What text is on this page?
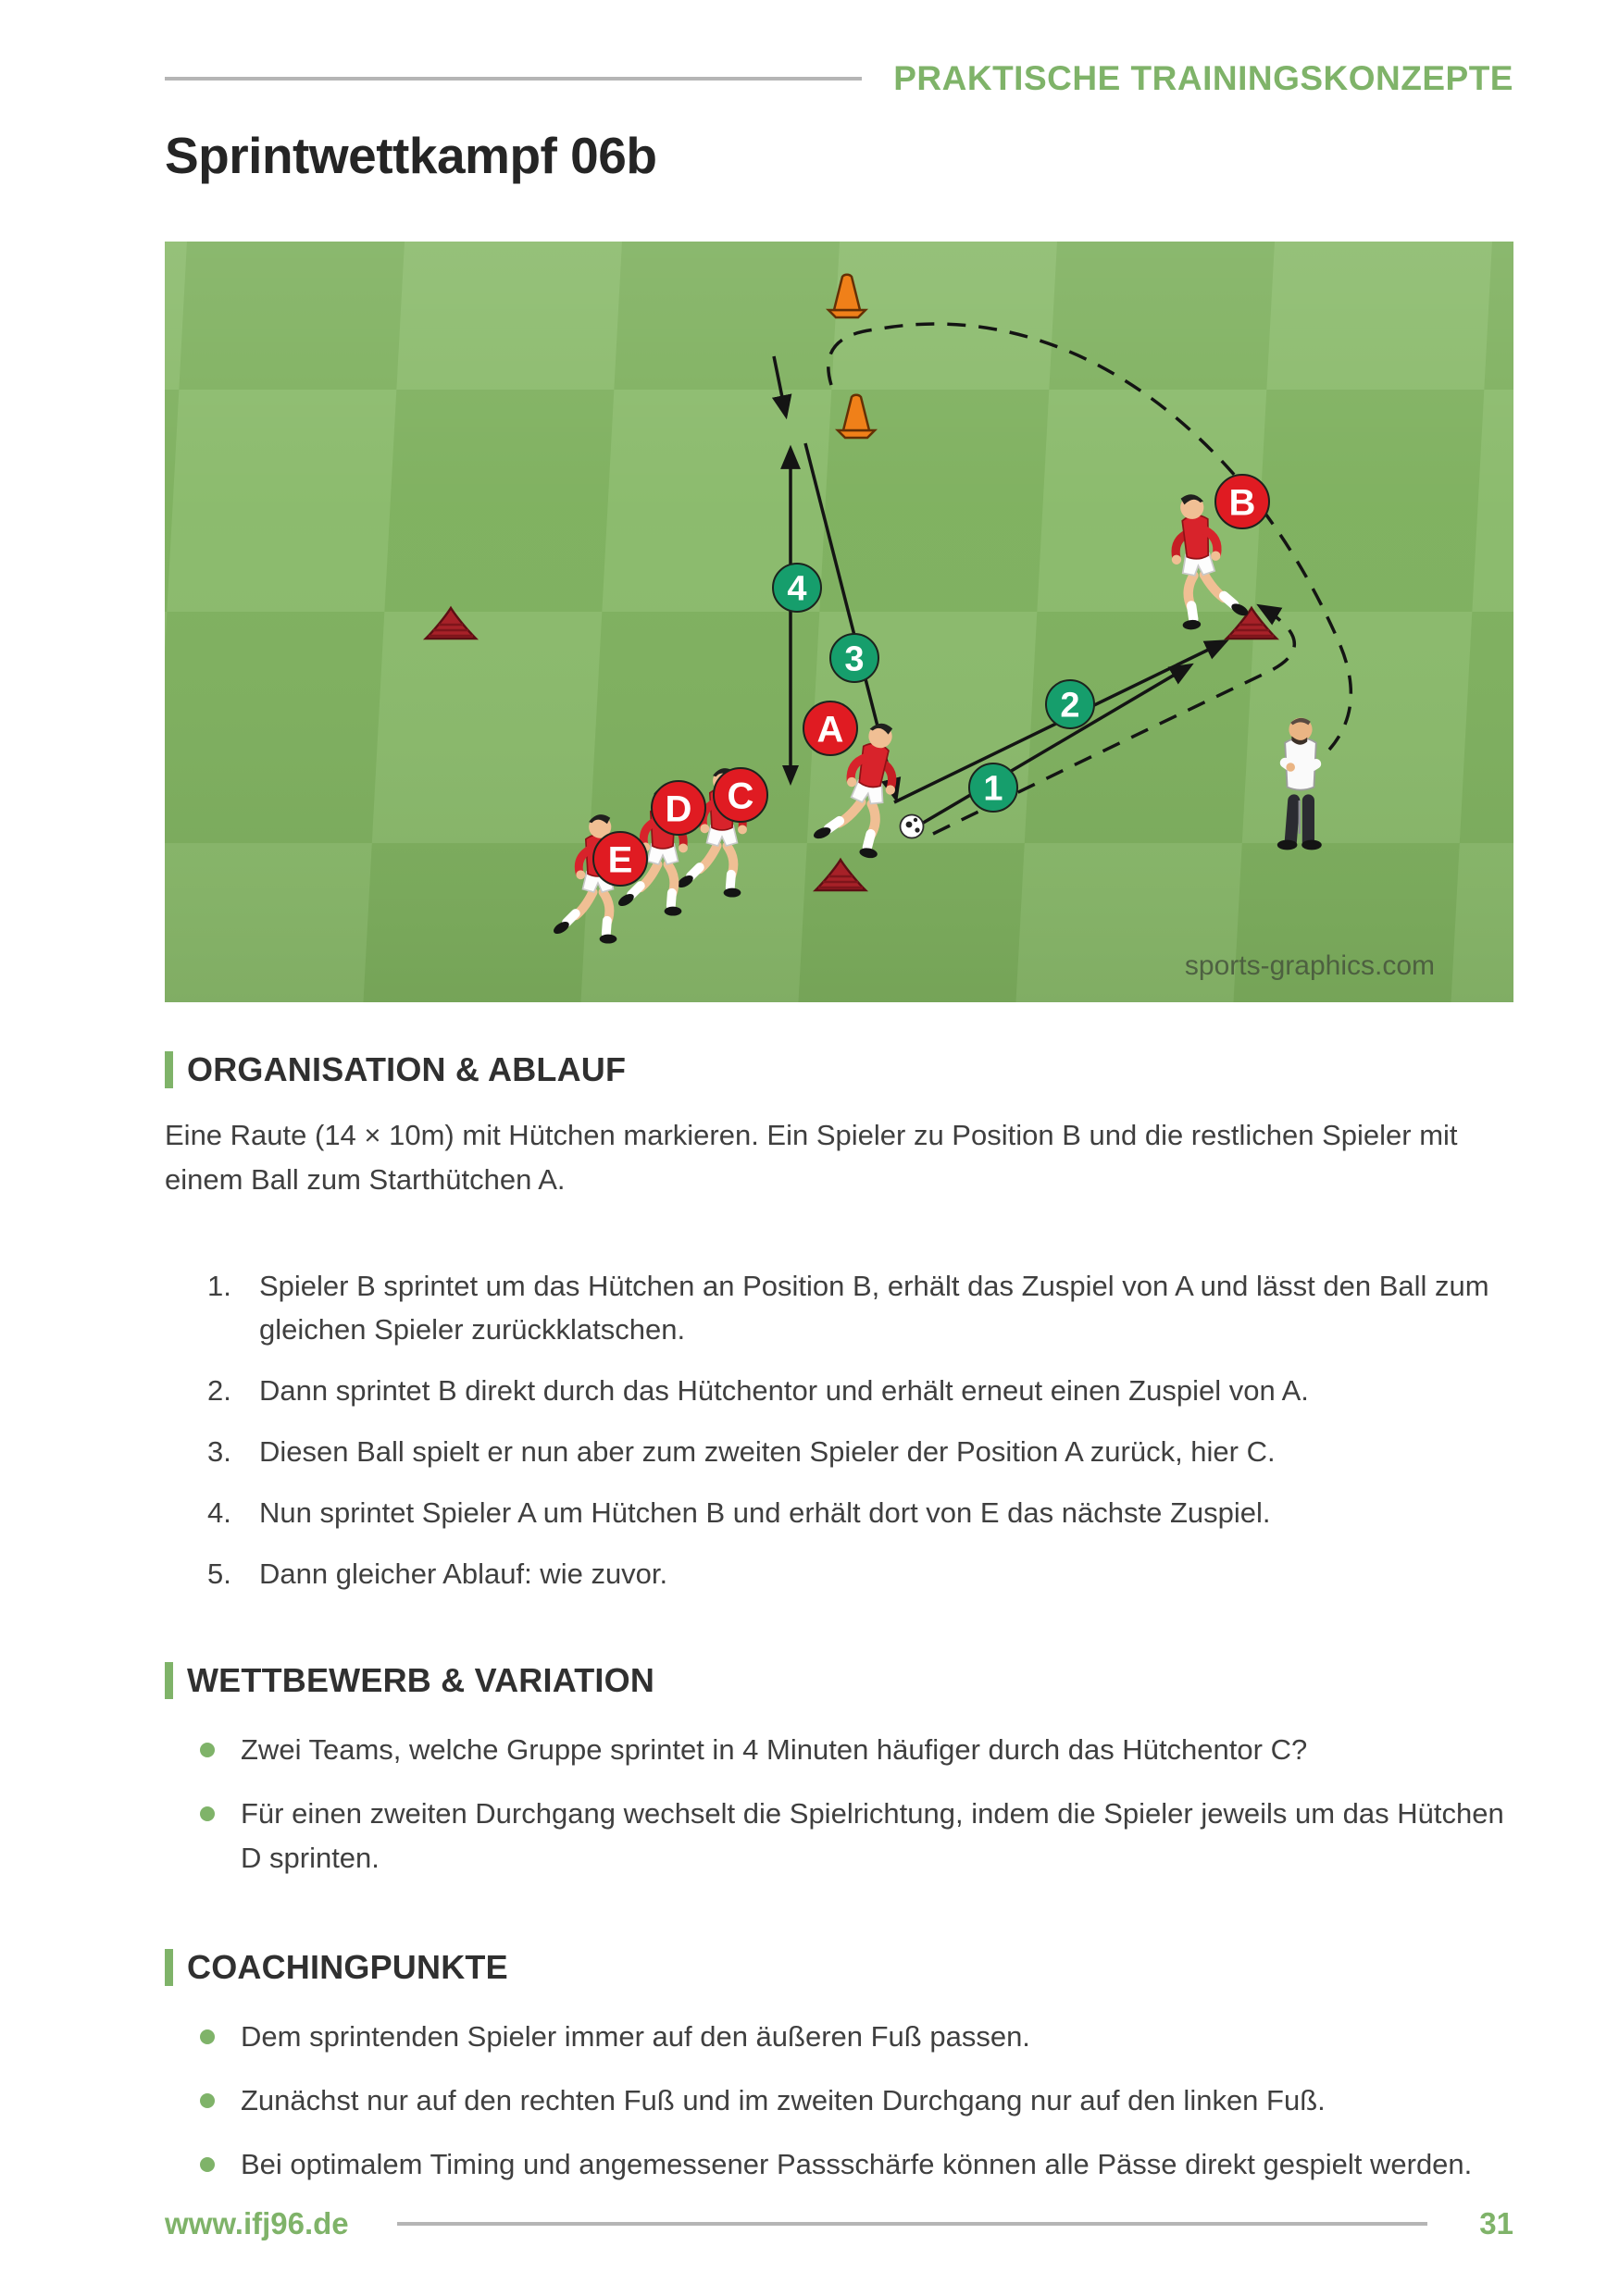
PRAKTISCHE TRAININGSKONZEPTE
Sprintwettkampf 06b
B
A
C
D
E
1
2
3
4
sports-graphics.com
ORGANISATION & ABLAUF

Eine Raute (14 × 10m) mit Hütchen markieren. Ein Spieler zu Position B und die restlichen Spieler mit einem Ball zum Starthütchen A.

Spieler B sprintet um das Hütchen an Position B, erhält das Zuspiel von A und lässt den Ball zum gleichen Spieler zurückklatschen.
Dann sprintet B direkt durch das Hütchentor und erhält erneut einen Zuspiel von A.
Diesen Ball spielt er nun aber zum zweiten Spieler der Position A zurück, hier C.
Nun sprintet Spieler A um Hütchen B und erhält dort von E das nächste Zuspiel.
Dann gleicher Ablauf: wie zuvor.
WETTBEWERB & VARIATION
Zwei Teams, welche Gruppe sprintet in 4 Minuten häufiger durch das Hütchentor C?
Für einen zweiten Durchgang wechselt die Spielrichtung, indem die Spieler jeweils um das Hütchen D sprinten.
COACHINGPUNKTE
Dem sprintenden Spieler immer auf den äußeren Fuß passen.
Zunächst nur auf den rechten Fuß und im zweiten Durchgang nur auf den linken Fuß.
Bei optimalem Timing und angemessener Passschärfe können alle Pässe direkt gespielt werden.
www.ifj96.de	31
